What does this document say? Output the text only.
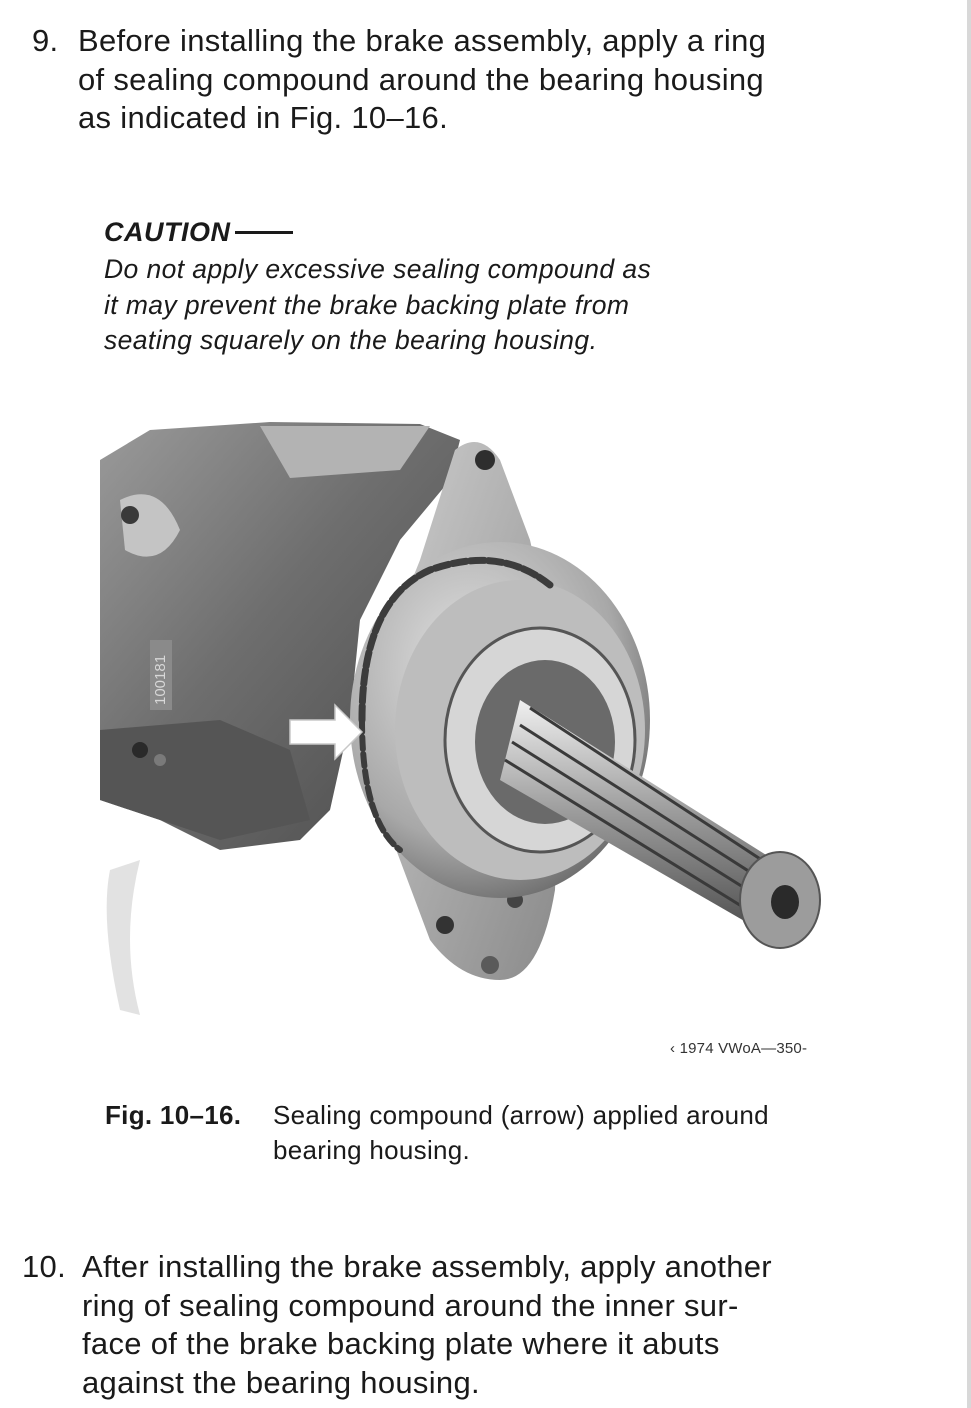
9. Before installing the brake assembly, apply a ring
of sealing compound around the bearing housing
as indicated in Fig. 10–16.
CAUTION
Do not apply excessive sealing compound as
it may prevent the brake backing plate from
seating squarely on the bearing housing.
100181
‹ 1974 VWoA—350-
Fig. 10–16. Sealing compound (arrow) applied around
bearing housing.
10. After installing the brake assembly, apply another
ring of sealing compound around the inner sur-
face of the brake backing plate where it abuts
against the bearing housing.
